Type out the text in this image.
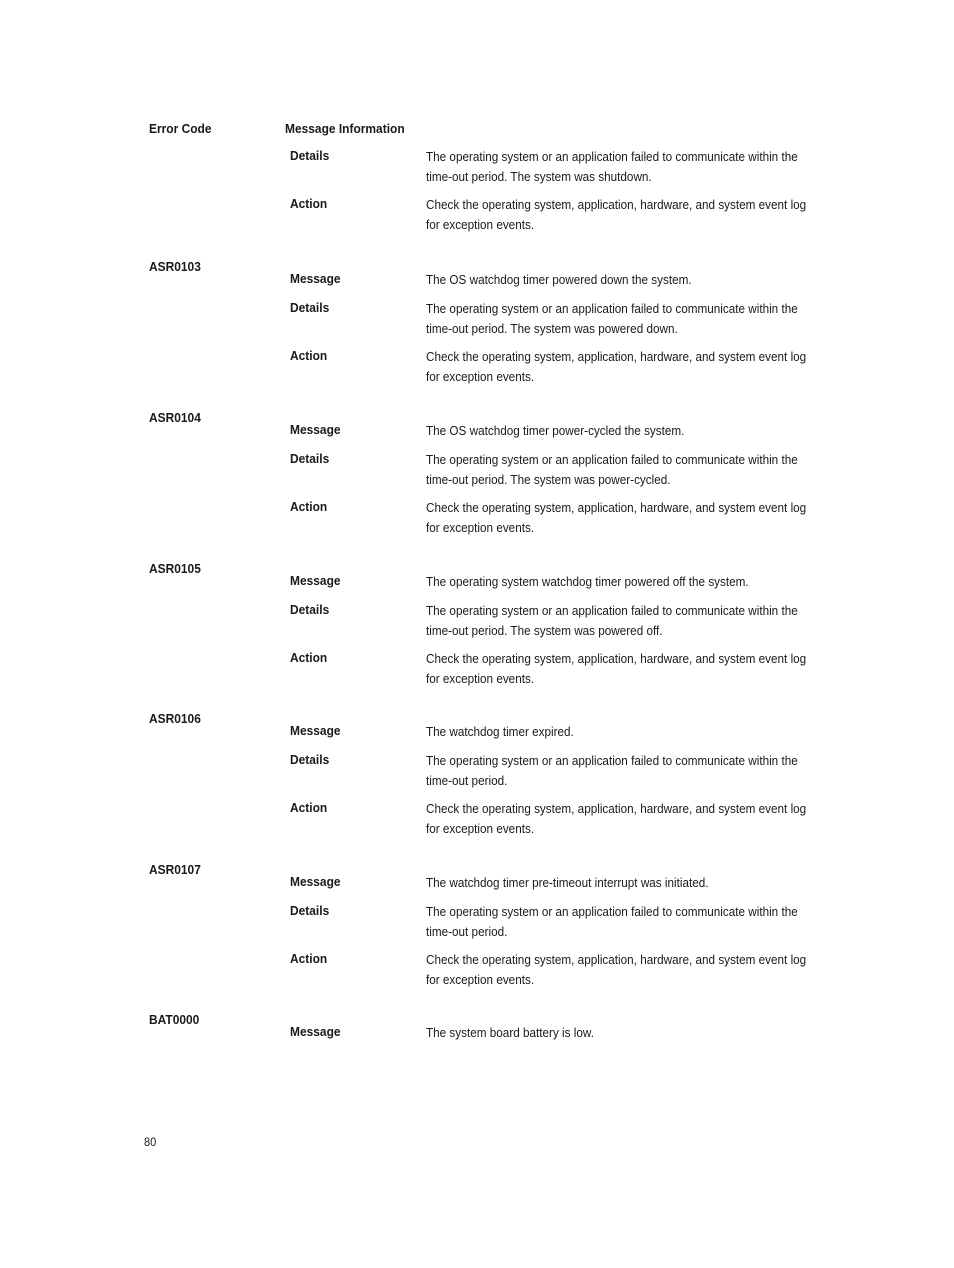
Error Code	Message Information
Details	The operating system or an application failed to communicate within the time-out period. The system was shutdown.
Action	Check the operating system, application, hardware, and system event log for exception events.
ASR0103
Message	The OS watchdog timer powered down the system.
Details	The operating system or an application failed to communicate within the time-out period. The system was powered down.
Action	Check the operating system, application, hardware, and system event log for exception events.
ASR0104
Message	The OS watchdog timer power-cycled the system.
Details	The operating system or an application failed to communicate within the time-out period. The system was power-cycled.
Action	Check the operating system, application, hardware, and system event log for exception events.
ASR0105
Message	The operating system watchdog timer powered off the system.
Details	The operating system or an application failed to communicate within the time-out period. The system was powered off.
Action	Check the operating system, application, hardware, and system event log for exception events.
ASR0106
Message	The watchdog timer expired.
Details	The operating system or an application failed to communicate within the time-out period.
Action	Check the operating system, application, hardware, and system event log for exception events.
ASR0107
Message	The watchdog timer pre-timeout interrupt was initiated.
Details	The operating system or an application failed to communicate within the time-out period.
Action	Check the operating system, application, hardware, and system event log for exception events.
BAT0000
Message	The system board battery is low.
80
